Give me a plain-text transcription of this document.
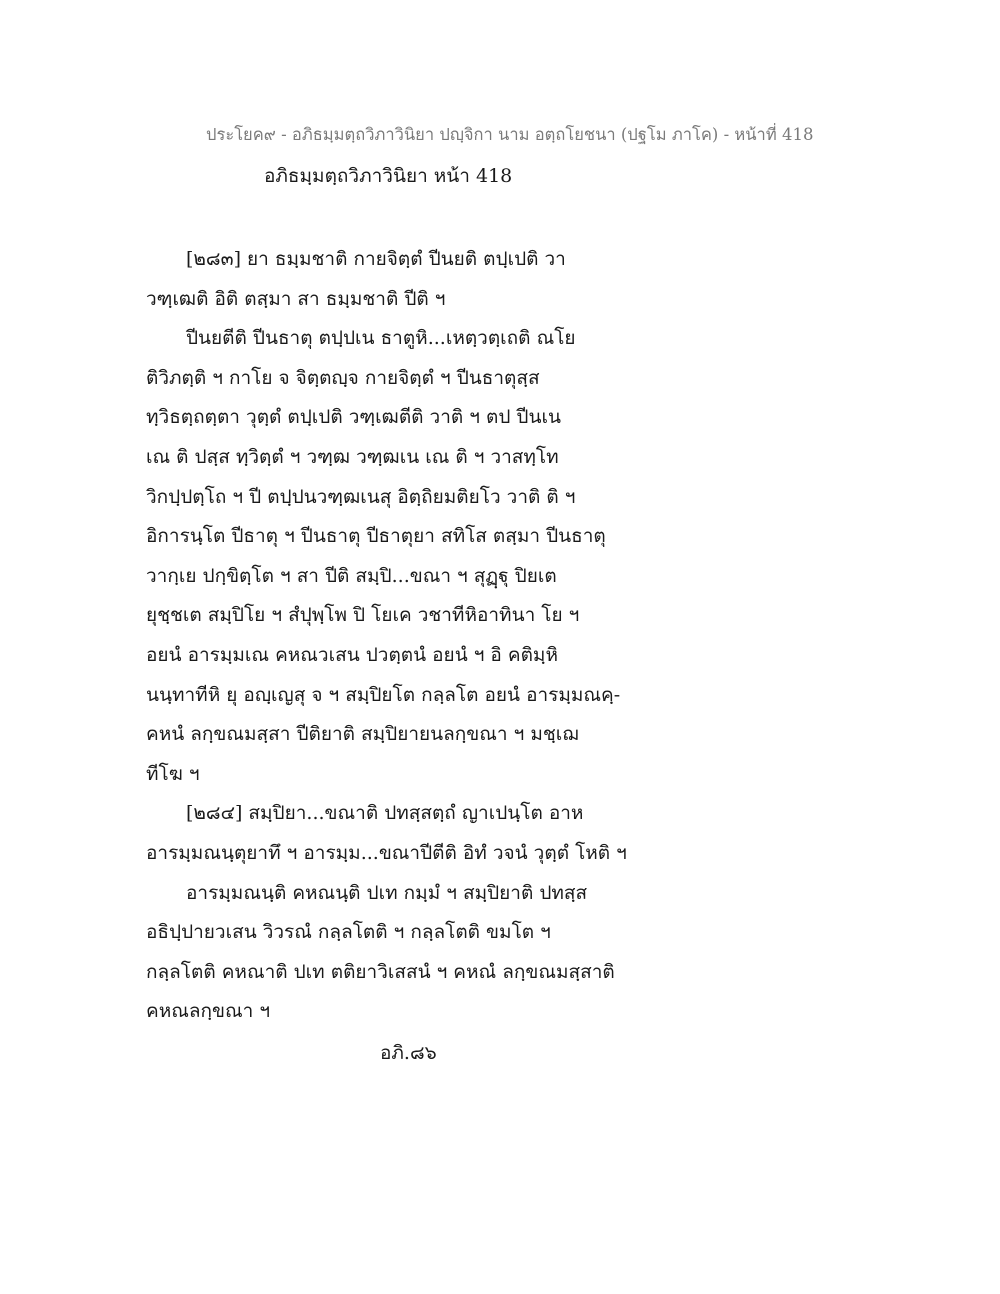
ประโยค๙ - อภิธมฺมตฺถวิภาวินิยา ปญฺจิกา นาม อตฺถโยชนา (ปฐโม ภาโค) - หน้าที่ 418
อภิธมฺมตฺถวิภาวินิยา หน้า 418
[๒๘๓] ยา ธมฺมชาติ กายจิตฺตํ ปีนยติ ตปฺเปติ วา
วฑฺเฒติ อิติ ตสฺมา สา ธมฺมชาติ ปีติ ฯ
ปีนยตีติ ปีนธาตุ ตปฺปเน ธาตูหิ...เหตฺวตฺเถติ ณโย
ติวิภตฺติ ฯ กาโย จ จิตฺตญฺจ กายจิตฺตํ ฯ ปีนธาตุสฺส
ทฺวิธตฺถตฺตา วุตฺตํ ตปฺเปติ วฑฺเฒตีติ วาติ ฯ ตป ปีนเน
เณ ติ ปสฺส ทฺวิตฺตํ ฯ วฑฺฒ วฑฺฒเน เณ ติ ฯ วาสทฺโท
วิกปฺปตฺโถ ฯ ปี ตปฺปนวฑฺฒเนสุ อิตฺถิยมติยโว วาติ ติ ฯ
อิการนฺโต ปีธาตุ ฯ ปีนธาตุ ปีธาตุยา สทิโส ตสฺมา ปีนธาตุ
วากฺเย ปกฺขิตฺโต ฯ สา ปีติ สมฺปิ...ขณา ฯ สุฏฺฐุ ปิยเต
ยุชฺชเต สมฺปิโย ฯ สํปุพฺโพ ปิ โยเค วชาทีหิอาทินา โย ฯ
อยนํ อารมฺมเณ คหณวเสน ปวตฺตนํ อยนํ ฯ อิ คติมฺหิ
นนฺทาทีหิ ยุ อญฺเญสุ จ ฯ สมฺปิยโต กลฺลโต อยนํ อารมฺมณคฺ-
คหนํ ลกฺขณมสฺสา ปีติยาติ สมฺปิยายนลกฺขณา ฯ มชฺเฌ
ทีโฆ ฯ
[๒๘๔] สมฺปิยา...ขณาติ ปทสฺสตฺถํ ญาเปนฺโต อาห
อารมฺมณนฺตุยาทึ ฯ อารมฺม...ขณาปีตีติ อิทํ วจนํ วุตฺตํ โหติ ฯ
อารมฺมณนฺติ คหณนฺติ ปเท กมฺมํ ฯ สมฺปิยาติ ปทสฺส
อธิปฺปายวเสน วิวรณํ กลฺลโตติ ฯ กลฺลโตติ ขมโต ฯ
กลฺลโตติ คหณาติ ปเท ตติยาวิเสสนํ ฯ คหณํ ลกฺขณมสฺสาติ
คหณลกฺขณา ฯ
อภิ.๘๖
